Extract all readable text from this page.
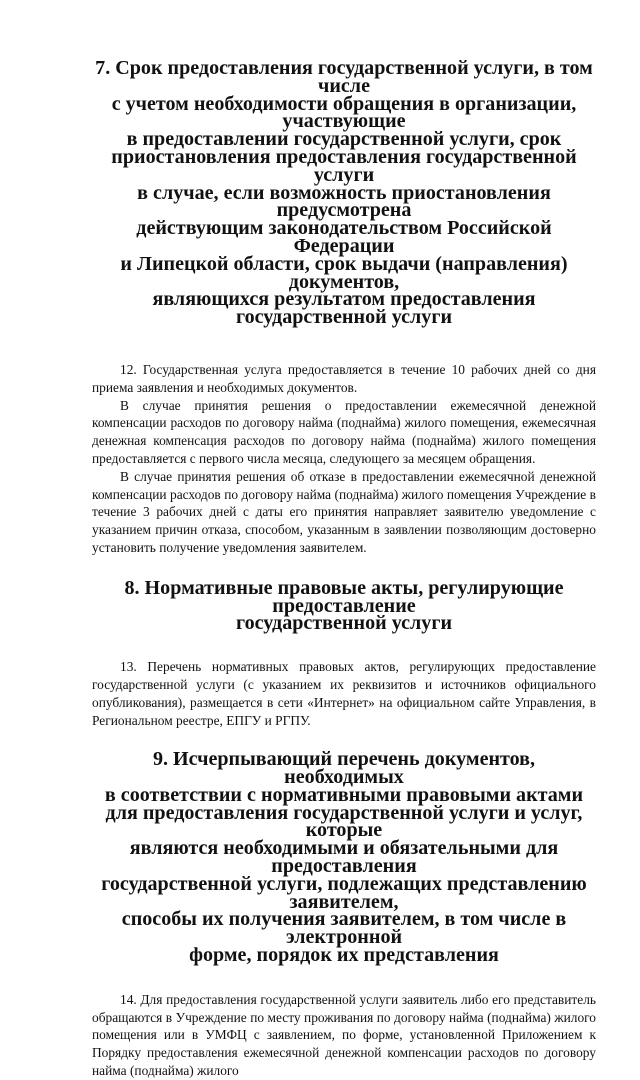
7. Срок предоставления государственной услуги, в том числе
с учетом необходимости обращения в организации, участвующие
в предоставлении государственной услуги, срок
приостановления предоставления государственной услуги
в случае, если возможность приостановления предусмотрена
действующим законодательством Российской Федерации
и Липецкой области, срок выдачи (направления) документов,
являющихся результатом предоставления государственной услуги

12. Государственная услуга предоставляется в течение 10 рабочих дней со дня приема заявления и необходимых документов.

В случае принятия решения о предоставлении ежемесячной денежной компенсации расходов по договору найма (поднайма) жилого помещения, ежемесячная денежная компенсация расходов по договору найма (поднайма) жилого помещения предоставляется с первого числа месяца, следующего за месяцем обращения.

В случае принятия решения об отказе в предоставлении ежемесячной денежной компенсации расходов по договору найма (поднайма) жилого помещения Учреждение в течение 3 рабочих дней с даты его принятия направляет заявителю уведомление с указанием причин отказа, способом, указанным в заявлении позволяющим достоверно установить получение уведомления заявителем.

8. Нормативные правовые акты, регулирующие предоставление
государственной услуги

13. Перечень нормативных правовых актов, регулирующих предоставление государственной услуги (с указанием их реквизитов и источников официального опубликования), размещается в сети «Интернет» на официальном сайте Управления, в Региональном реестре, ЕПГУ и РГПУ.

9. Исчерпывающий перечень документов, необходимых
в соответствии с нормативными правовыми актами
для предоставления государственной услуги и услуг, которые
являются необходимыми и обязательными для предоставления
государственной услуги, подлежащих представлению заявителем,
способы их получения заявителем, в том числе в электронной
форме, порядок их представления

14. Для предоставления государственной услуги заявитель либо его представитель обращаются в Учреждение по месту проживания по договору найма (поднайма) жилого помещения или в УМФЦ с заявлением, по форме, установленной Приложением к Порядку предоставления ежемесячной денежной компенсации расходов по договору найма (поднайма) жилого
